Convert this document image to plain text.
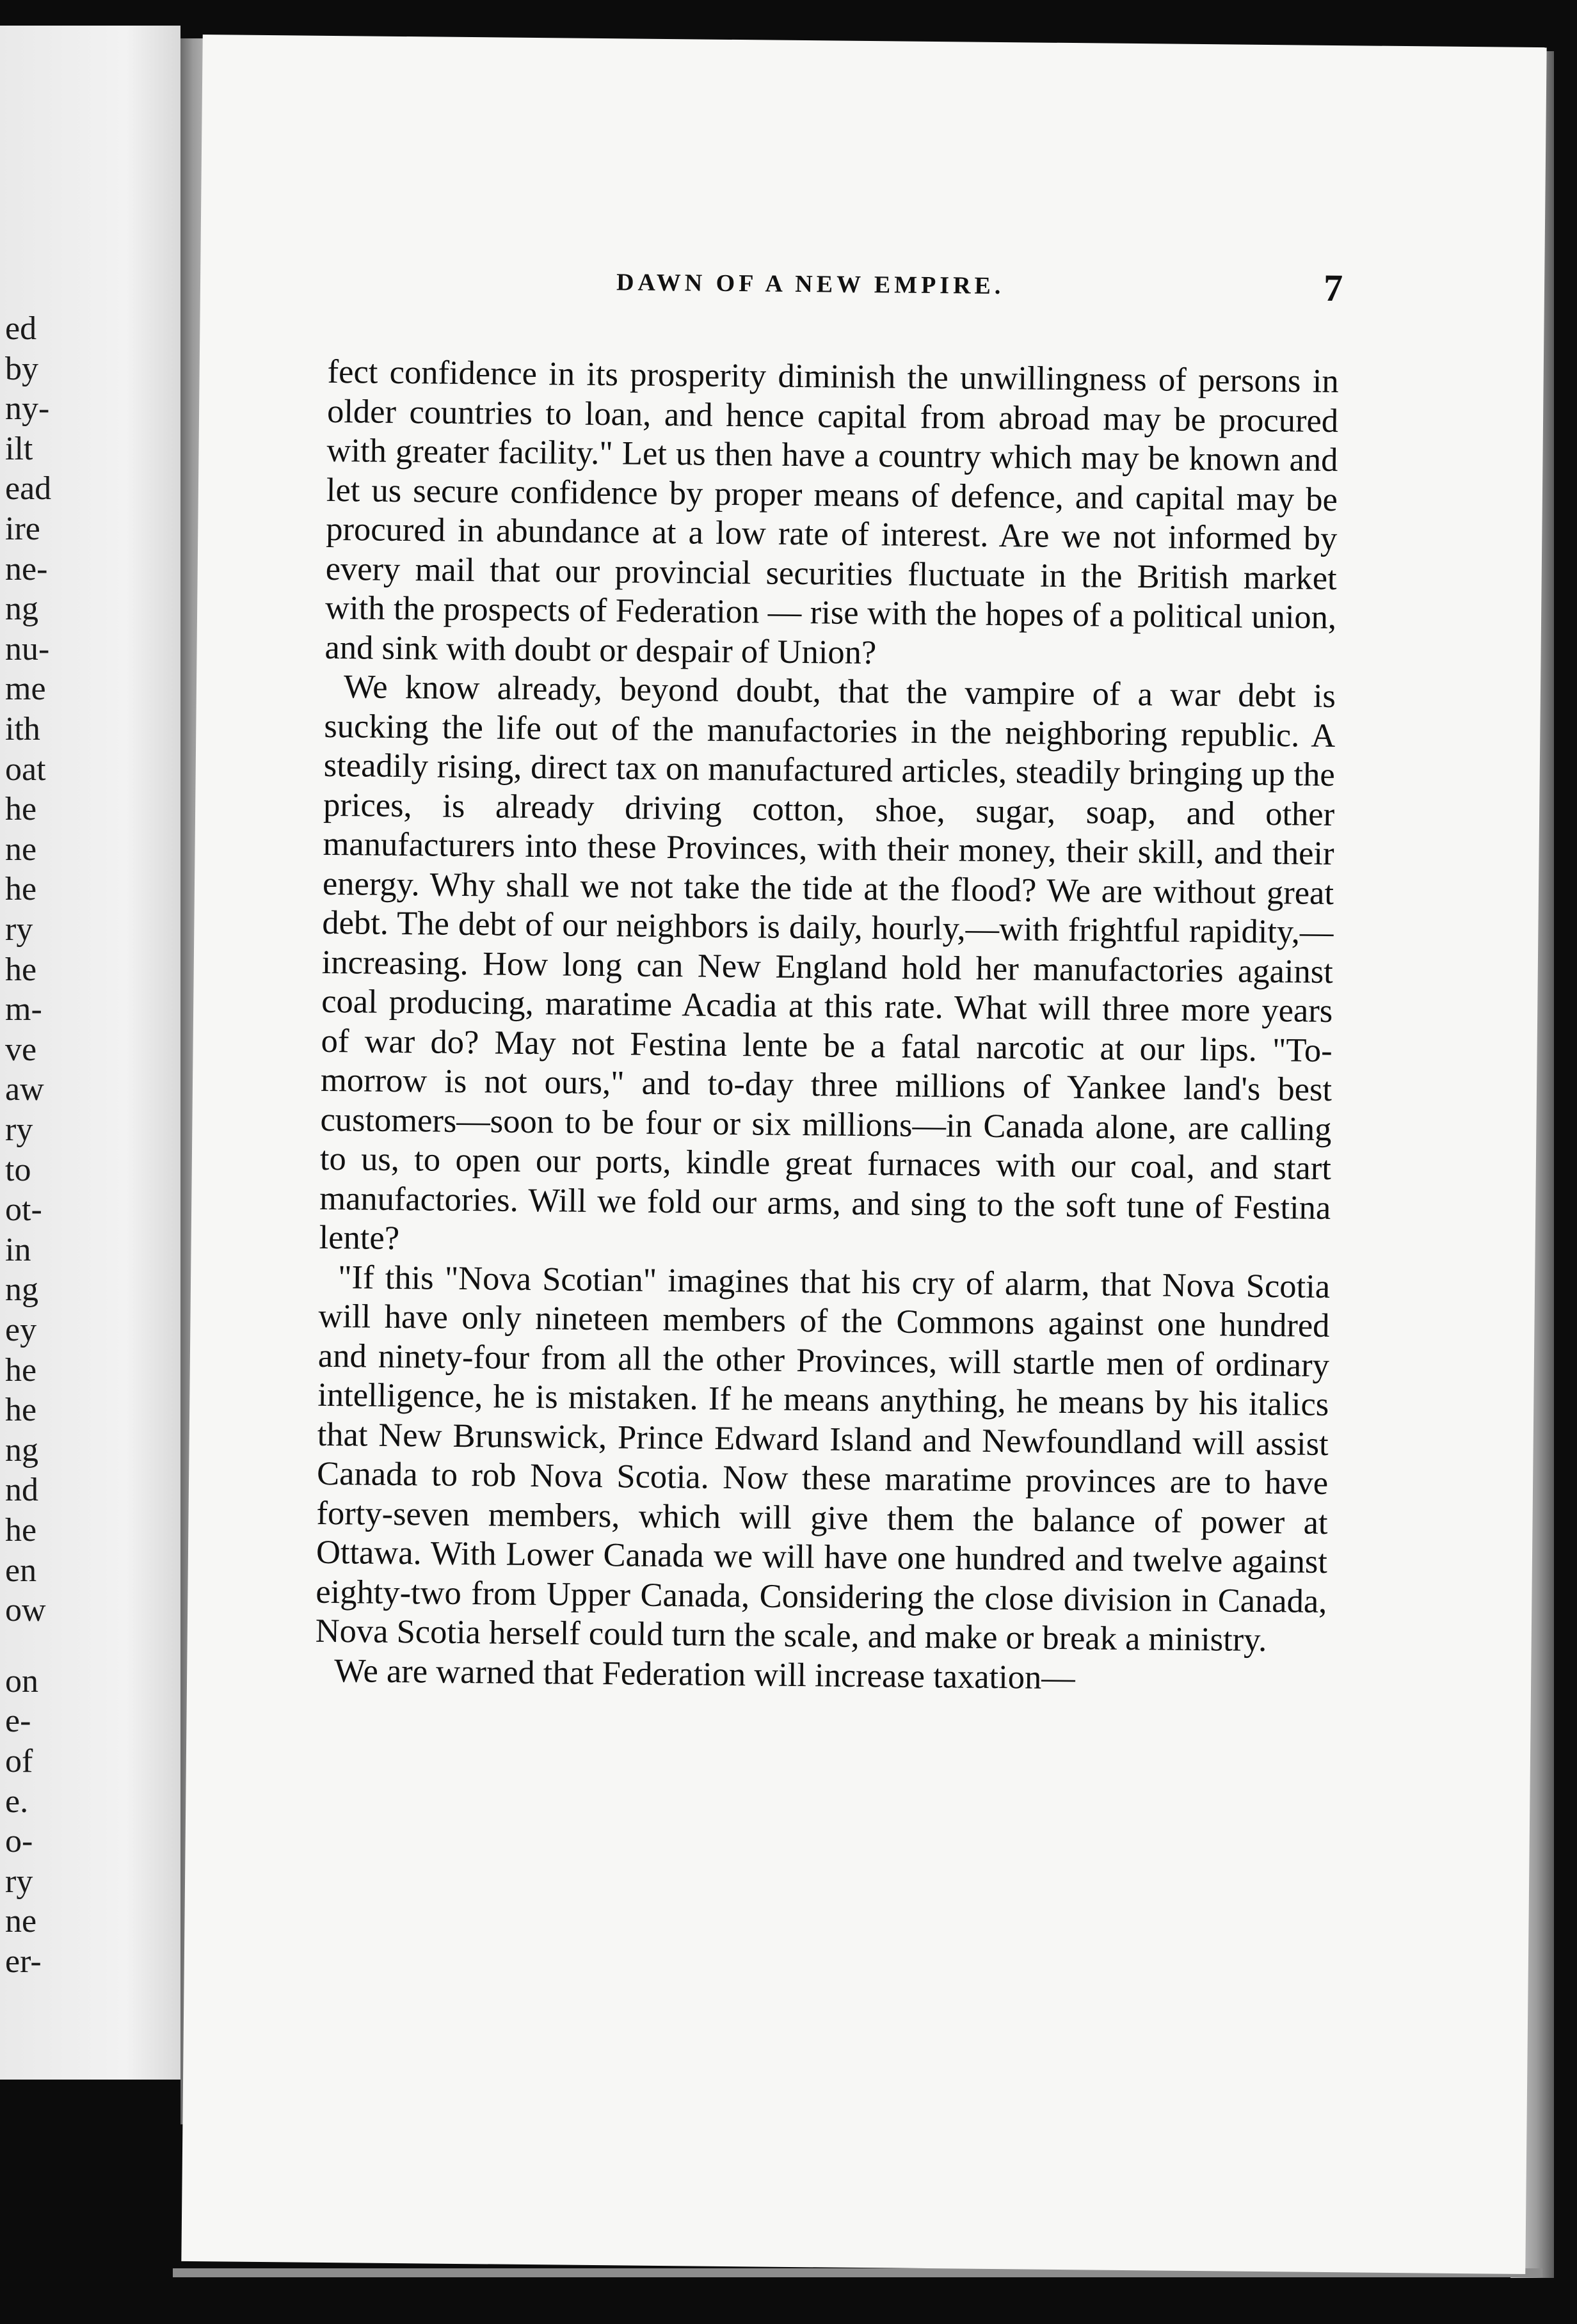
ed
by
ny-
ilt
ead
ire
ne-
ng
nu-
me
ith
oat
he
ne
he
ry
he
m-
ve
aw
ry
to
ot-
in
ng
ey
he
he
ng
nd
he
en
ow
on
e-
of
e.
o-
ry
ne
er-
DAWN OF A NEW EMPIRE.	7

fect confidence in its prosperity diminish the unwillingness of persons in older countries to loan, and hence capital from abroad may be procured with greater facility." Let us then have a country which may be known and let us secure confidence by proper means of defence, and capital may be procured in abundance at a low rate of interest. Are we not informed by every mail that our provincial securities fluctuate in the British market with the prospects of Federation — rise with the hopes of a political union, and sink with doubt or despair of Union?

We know already, beyond doubt, that the vampire of a war debt is sucking the life out of the manufactories in the neighboring republic. A steadily rising, direct tax on manufactured articles, steadily bringing up the prices, is already driving cotton, shoe, sugar, soap, and other manufacturers into these Provinces, with their money, their skill, and their energy. Why shall we not take the tide at the flood? We are without great debt. The debt of our neighbors is daily, hourly,—with frightful rapidity,—increasing. How long can New England hold her manufactories against coal producing, maratime Acadia at this rate. What will three more years of war do? May not Festina lente be a fatal narcotic at our lips. "To-morrow is not ours," and to-day three millions of Yankee land's best customers—soon to be four or six millions—in Canada alone, are calling to us, to open our ports, kindle great furnaces with our coal, and start manufactories. Will we fold our arms, and sing to the soft tune of Festina lente?

"If this "Nova Scotian" imagines that his cry of alarm, that Nova Scotia will have only nineteen members of the Commons against one hundred and ninety-four from all the other Provinces, will startle men of ordinary intelligence, he is mistaken. If he means anything, he means by his italics that New Brunswick, Prince Edward Island and Newfoundland will assist Canada to rob Nova Scotia. Now these maratime provinces are to have forty-seven members, which will give them the balance of power at Ottawa. With Lower Canada we will have one hundred and twelve against eighty-two from Upper Canada, Considering the close division in Canada, Nova Scotia herself could turn the scale, and make or break a ministry.

We are warned that Federation will increase taxation—
